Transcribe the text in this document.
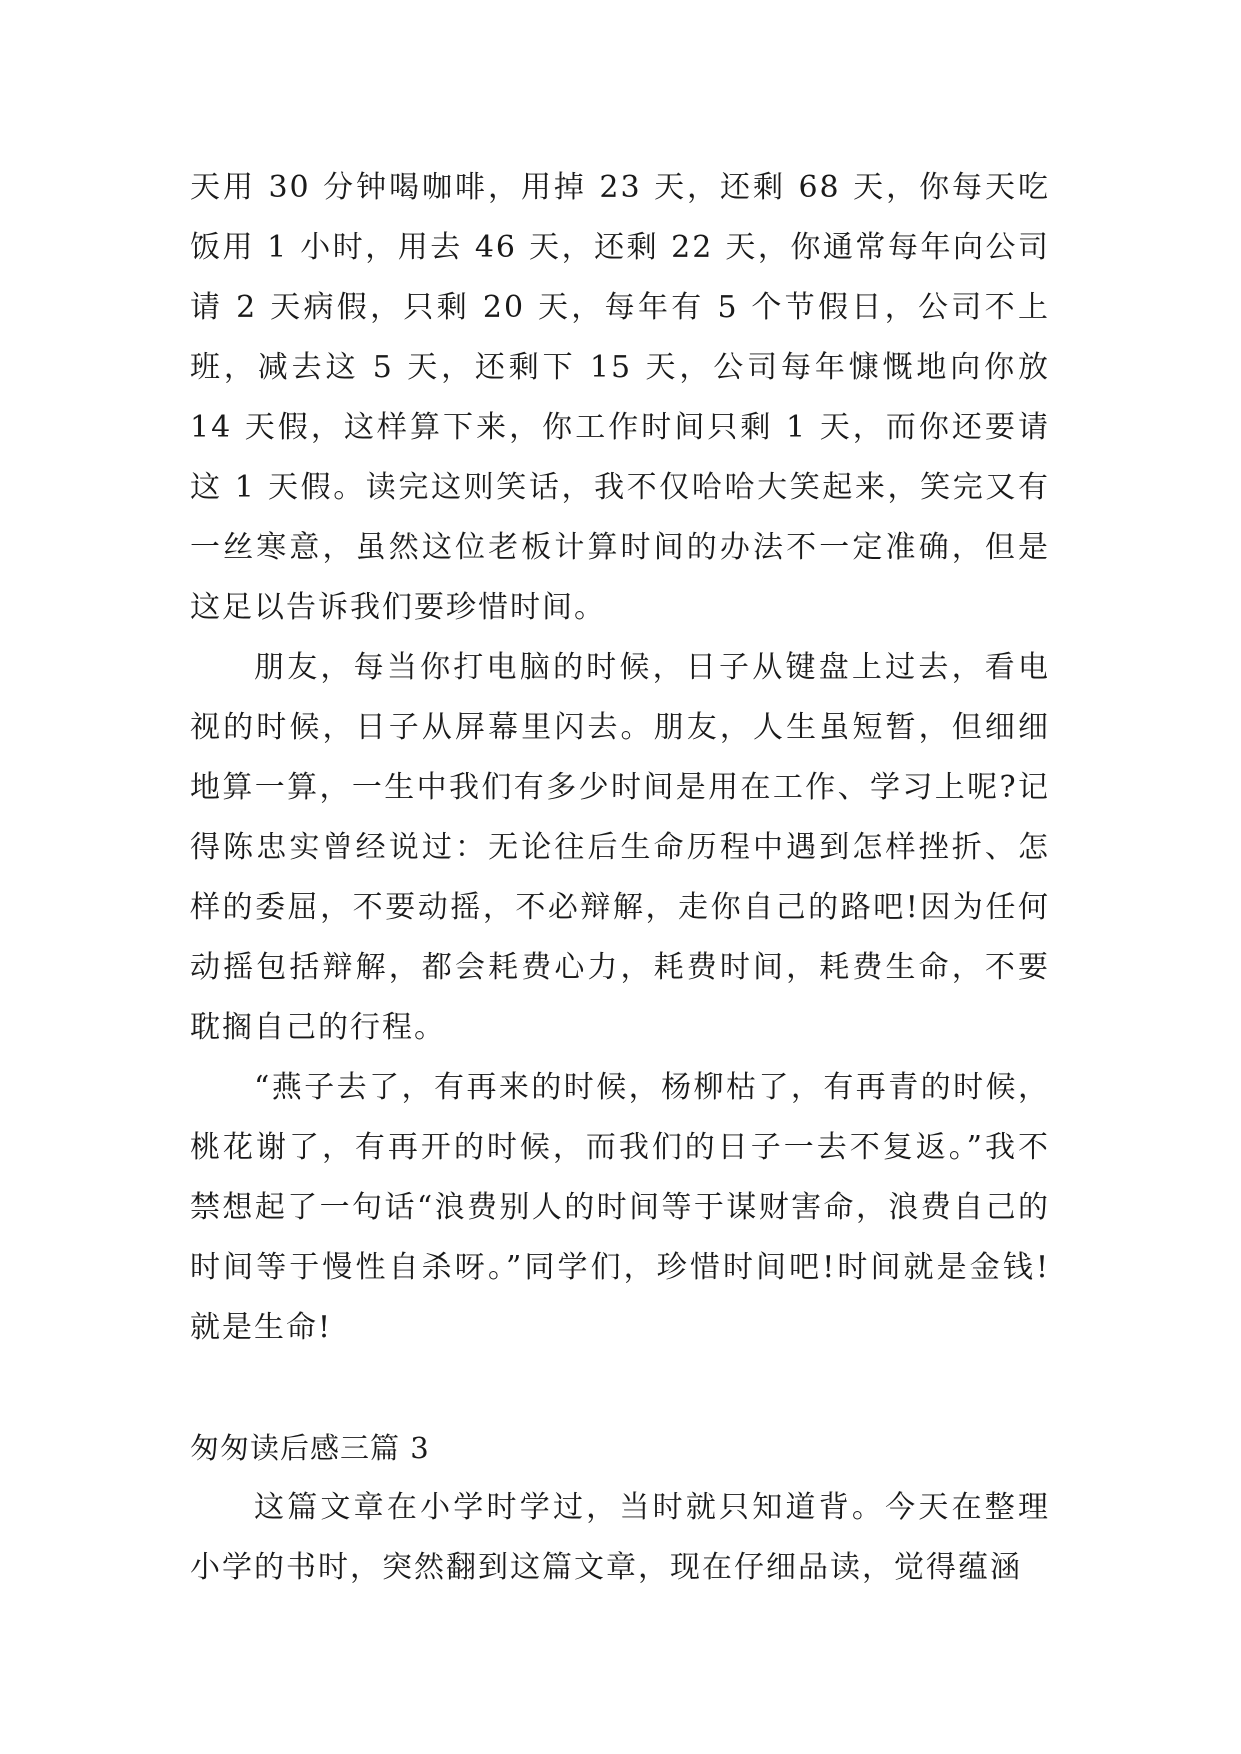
天用 30 分钟喝咖啡，用掉 23 天，还剩 68 天，你每天吃饭用 1 小时，用去 46 天，还剩 22 天，你通常每年向公司请 2 天病假，只剩 20 天，每年有 5 个节假日，公司不上班，减去这 5 天，还剩下 15 天，公司每年慷慨地向你放 14 天假，这样算下来，你工作时间只剩 1 天，而你还要请这 1 天假。读完这则笑话，我不仅哈哈大笑起来，笑完又有一丝寒意，虽然这位老板计算时间的办法不一定准确，但是这足以告诉我们要珍惜时间。

朋友，每当你打电脑的时候，日子从键盘上过去，看电视的时候，日子从屏幕里闪去。朋友，人生虽短暂，但细细地算一算，一生中我们有多少时间是用在工作、学习上呢?记得陈忠实曾经说过：无论往后生命历程中遇到怎样挫折、怎样的委屈，不要动摇，不必辩解，走你自己的路吧!因为任何动摇包括辩解，都会耗费心力，耗费时间，耗费生命，不要耽搁自己的行程。

“燕子去了，有再来的时候，杨柳枯了，有再青的时候，桃花谢了，有再开的时候，而我们的日子一去不复返。”我不禁想起了一句话“浪费别人的时间等于谋财害命，浪费自己的时间等于慢性自杀呀。”同学们，珍惜时间吧!时间就是金钱!就是生命!

匆匆读后感三篇 3

这篇文章在小学时学过，当时就只知道背。今天在整理小学的书时，突然翻到这篇文章，现在仔细品读，觉得蕴涵
